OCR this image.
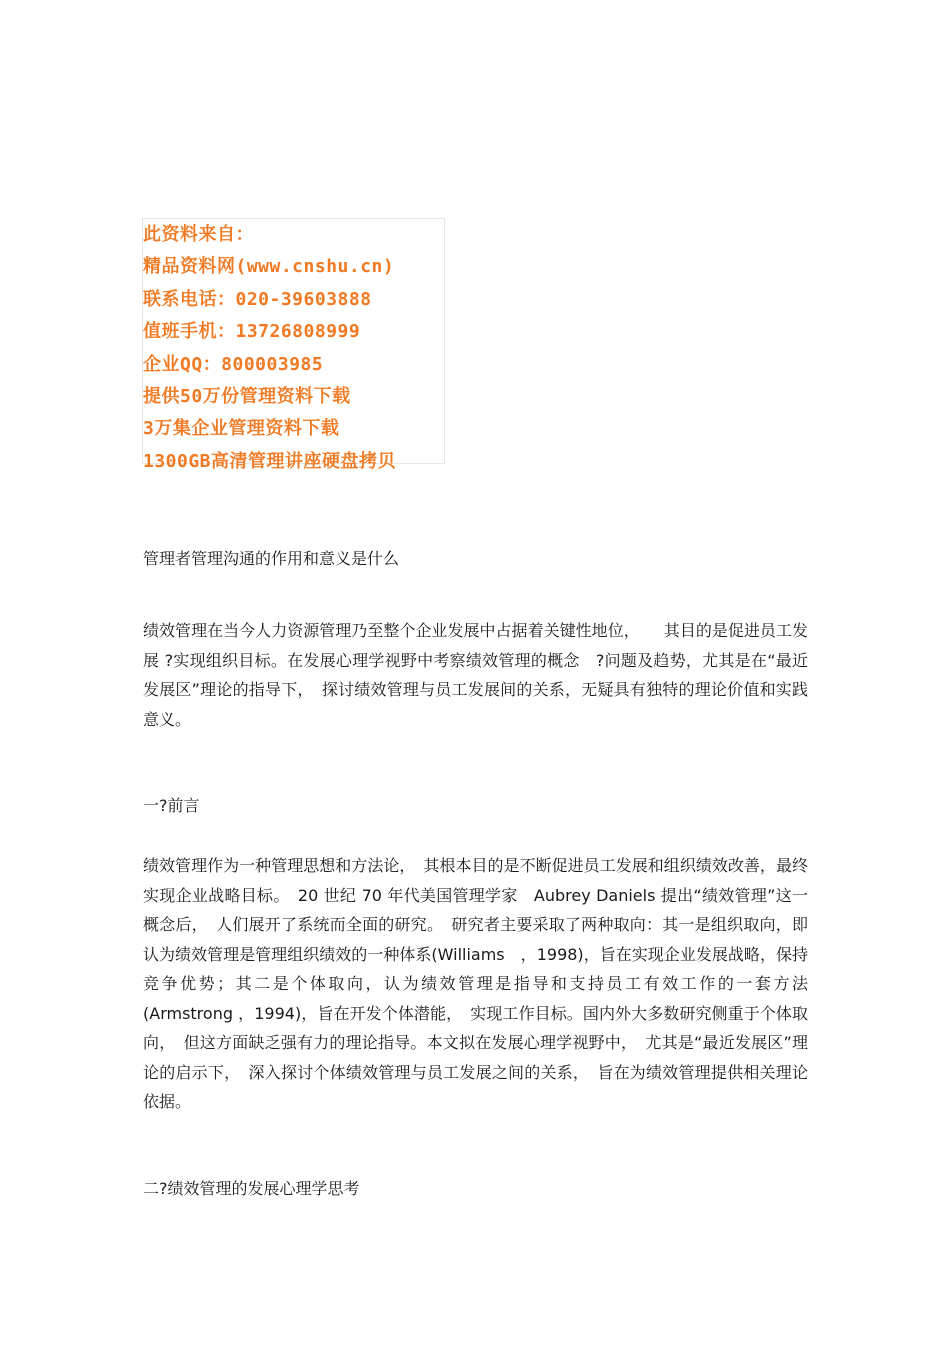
此资料来自：
精品资料网(www.cnshu.cn)
联系电话：020-39603888
值班手机：13726808999
企业QQ：800003985
提供50万份管理资料下载
3万集企业管理资料下载
1300GB高清管理讲座硬盘拷贝
管理者管理沟通的作用和意义是什么
绩效管理在当今人力资源管理乃至整个企业发展中占据着关键性地位，　　其目的是促进员工发展 ?实现组织目标。在发展心理学视野中考察绩效管理的概念　?问题及趋势，尤其是在“最近发展区”理论的指导下，　探讨绩效管理与员工发展间的关系，无疑具有独特的理论价值和实践意义。
一?前言
绩效管理作为一种管理思想和方法论，　其根本目的是不断促进员工发展和组织绩效改善，最终实现企业战略目标。　20 世纪 70 年代美国管理学家　Aubrey Daniels 提出“绩效管理”这一概念后，　人们展开了系统而全面的研究。　研究者主要采取了两种取向：其一是组织取向，即认为绩效管理是管理组织绩效的一种体系(Williams　，1998)，旨在实现企业发展战略，保持竞争优势；其二是个体取向，认为绩效管理是指导和支持员工有效工作的一套方法　(Armstrong ，1994)，旨在开发个体潜能，　实现工作目标。国内外大多数研究侧重于个体取向，　但这方面缺乏强有力的理论指导。本文拟在发展心理学视野中，　尤其是“最近发展区”理论的启示下，　深入探讨个体绩效管理与员工发展之间的关系，　旨在为绩效管理提供相关理论依据。
二?绩效管理的发展心理学思考
